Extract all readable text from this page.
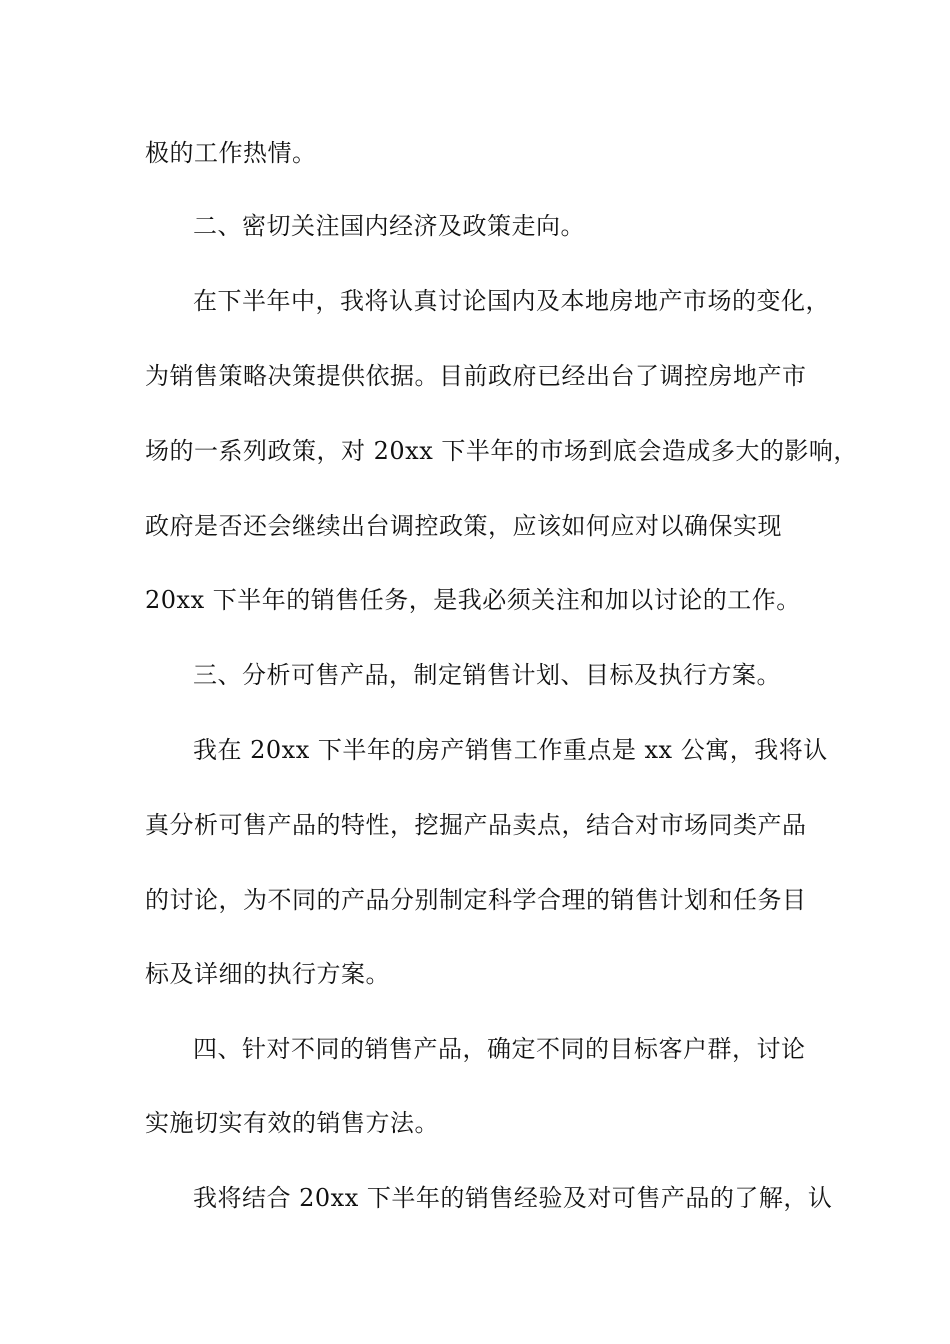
极的工作热情。
二、密切关注国内经济及政策走向。
在下半年中，我将认真讨论国内及本地房地产市场的变化，
为销售策略决策提供依据。目前政府已经出台了调控房地产市
场的一系列政策，对 20xx 下半年的市场到底会造成多大的影响，
政府是否还会继续出台调控政策，应该如何应对以确保实现
20xx 下半年的销售任务，是我必须关注和加以讨论的工作。
三、分析可售产品，制定销售计划、目标及执行方案。
我在 20xx 下半年的房产销售工作重点是 xx 公寓，我将认
真分析可售产品的特性，挖掘产品卖点，结合对市场同类产品
的讨论，为不同的产品分别制定科学合理的销售计划和任务目
标及详细的执行方案。
四、针对不同的销售产品，确定不同的目标客户群，讨论
实施切实有效的销售方法。
我将结合 20xx 下半年的销售经验及对可售产品的了解，认
